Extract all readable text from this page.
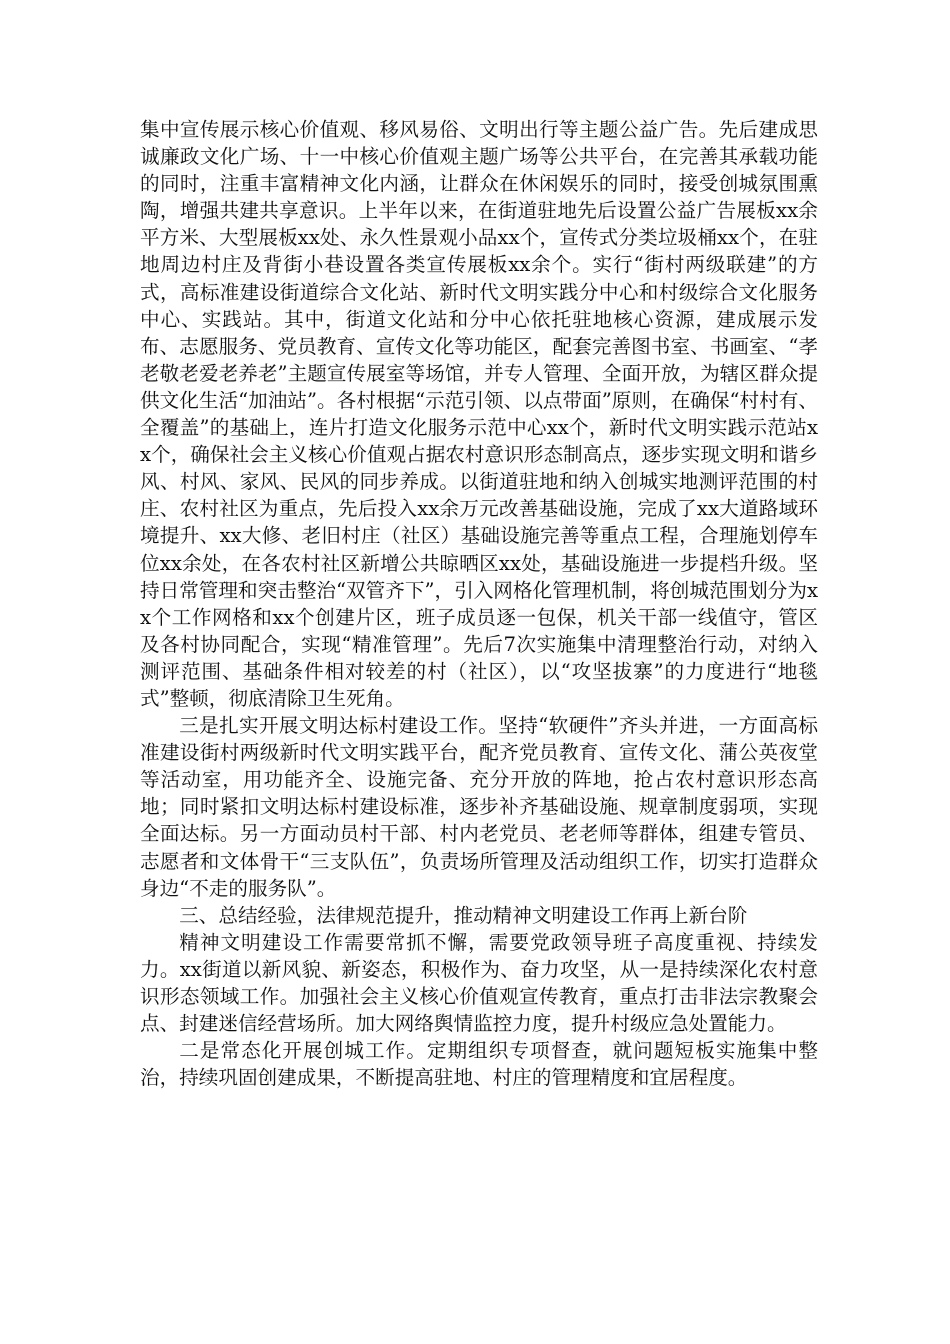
集中宣传展示核心价值观、移风易俗、文明出行等主题公益广告。先后建成思诚廉政文化广场、十一中核心价值观主题广场等公共平台，在完善其承载功能的同时，注重丰富精神文化内涵，让群众在休闲娱乐的同时，接受创城氛围熏陶，增强共建共享意识。上半年以来，在街道驻地先后设置公益广告展板xx余平方米、大型展板xx处、永久性景观小品xx个，宣传式分类垃圾桶xx个，在驻地周边村庄及背街小巷设置各类宣传展板xx余个。实行“街村两级联建”的方式，高标准建设街道综合文化站、新时代文明实践分中心和村级综合文化服务中心、实践站。其中，街道文化站和分中心依托驻地核心资源，建成展示发布、志愿服务、党员教育、宣传文化等功能区，配套完善图书室、书画室、“孝老敬老爱老养老”主题宣传展室等场馆，并专人管理、全面开放，为辖区群众提供文化生活“加油站”。各村根据“示范引领、以点带面”原则，在确保“村村有、全覆盖”的基础上，连片打造文化服务示范中心xx个，新时代文明实践示范站xx个，确保社会主义核心价值观占据农村意识形态制高点，逐步实现文明和谐乡风、村风、家风、民风的同步养成。以街道驻地和纳入创城实地测评范围的村庄、农村社区为重点，先后投入xx余万元改善基础设施，完成了xx大道路域环境提升、xx大修、老旧村庄（社区）基础设施完善等重点工程，合理施划停车位xx余处，在各农村社区新增公共晾晒区xx处，基础设施进一步提档升级。坚持日常管理和突击整治“双管齐下”，引入网格化管理机制，将创城范围划分为xx个工作网格和xx个创建片区，班子成员逐一包保，机关干部一线值守，管区及各村协同配合，实现“精准管理”。先后7次实施集中清理整治行动，对纳入测评范围、基础条件相对较差的村（社区），以“攻坚拔寨”的力度进行“地毯式”整顿，彻底清除卫生死角。

三是扎实开展文明达标村建设工作。坚持“软硬件”齐头并进，一方面高标准建设街村两级新时代文明实践平台，配齐党员教育、宣传文化、蒲公英夜堂等活动室，用功能齐全、设施完备、充分开放的阵地，抢占农村意识形态高地；同时紧扣文明达标村建设标准，逐步补齐基础设施、规章制度弱项，实现全面达标。另一方面动员村干部、村内老党员、老老师等群体，组建专管员、志愿者和文体骨干“三支队伍”，负责场所管理及活动组织工作，切实打造群众身边“不走的服务队”。

三、总结经验，法律规范提升，推动精神文明建设工作再上新台阶

精神文明建设工作需要常抓不懈，需要党政领导班子高度重视、持续发力。xx街道以新风貌、新姿态，积极作为、奋力攻坚，从一是持续深化农村意识形态领域工作。加强社会主义核心价值观宣传教育，重点打击非法宗教聚会点、封建迷信经营场所。加大网络舆情监控力度，提升村级应急处置能力。

二是常态化开展创城工作。定期组织专项督查，就问题短板实施集中整治，持续巩固创建成果，不断提高驻地、村庄的管理精度和宜居程度。
